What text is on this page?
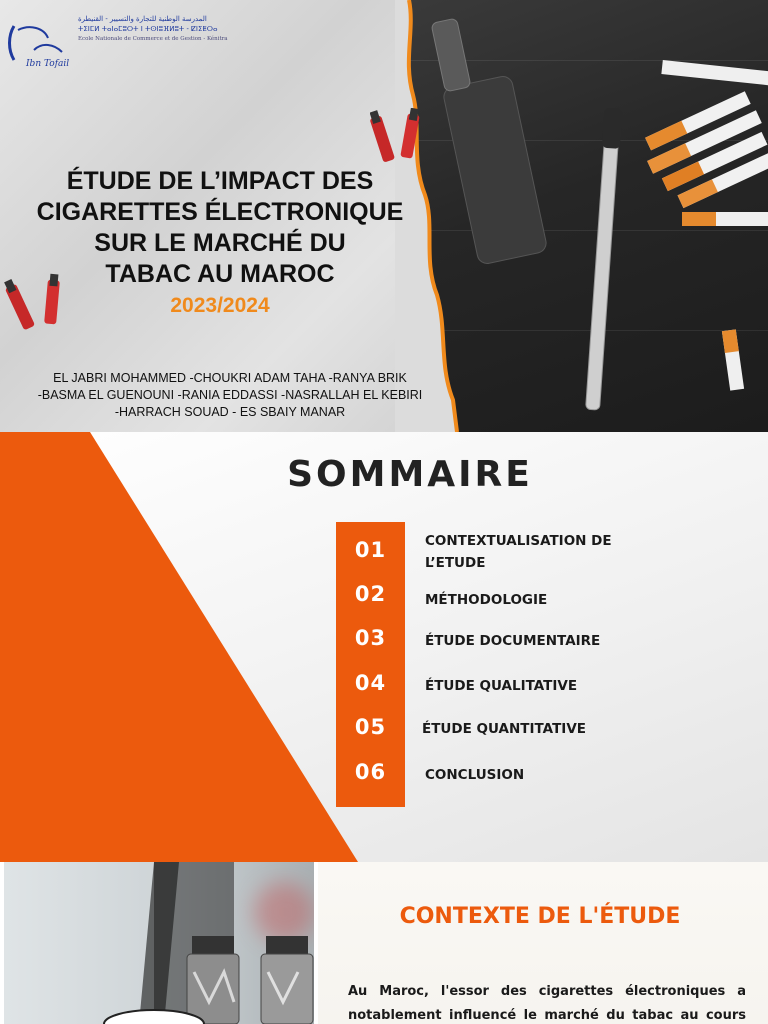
Ibn Tofail
المدرسة الوطنية للتجارة والتسيير - القنيطرة
ⵜⵉⵏⵎⵍ ⵜⴰⵏⴰⵎⵓⵔⵜ ⵏ ⵜⵙⵏⵓⴼⵍⵓⵜ - ⵇⵏⵉⵟⵔⴰ
Ecole Nationale de Commerce et de Gestion - Kénitra
ÉTUDE DE L’IMPACT DES
CIGARETTES ÉLECTRONIQUE
SUR LE MARCHÉ DU
TABAC AU MAROC
2023/2024
EL JABRI MOHAMMED -CHOUKRI ADAM TAHA -RANYA BRIK
-BASMA EL GUENOUNI -RANIA EDDASSI -NASRALLAH EL KEBIRI
-HARRACH SOUAD - ES SBAIY MANAR
SOMMAIRE
01
02
03
04
05
06
CONTEXTUALISATION DE L’ETUDE
MÉTHODOLOGIE
ÉTUDE DOCUMENTAIRE
ÉTUDE QUALITATIVE
ÉTUDE QUANTITATIVE
CONCLUSION
CONTEXTE DE L'ÉTUDE
Au Maroc, l'essor des cigarettes électroniques a
notablement influencé le marché du tabac au cours
